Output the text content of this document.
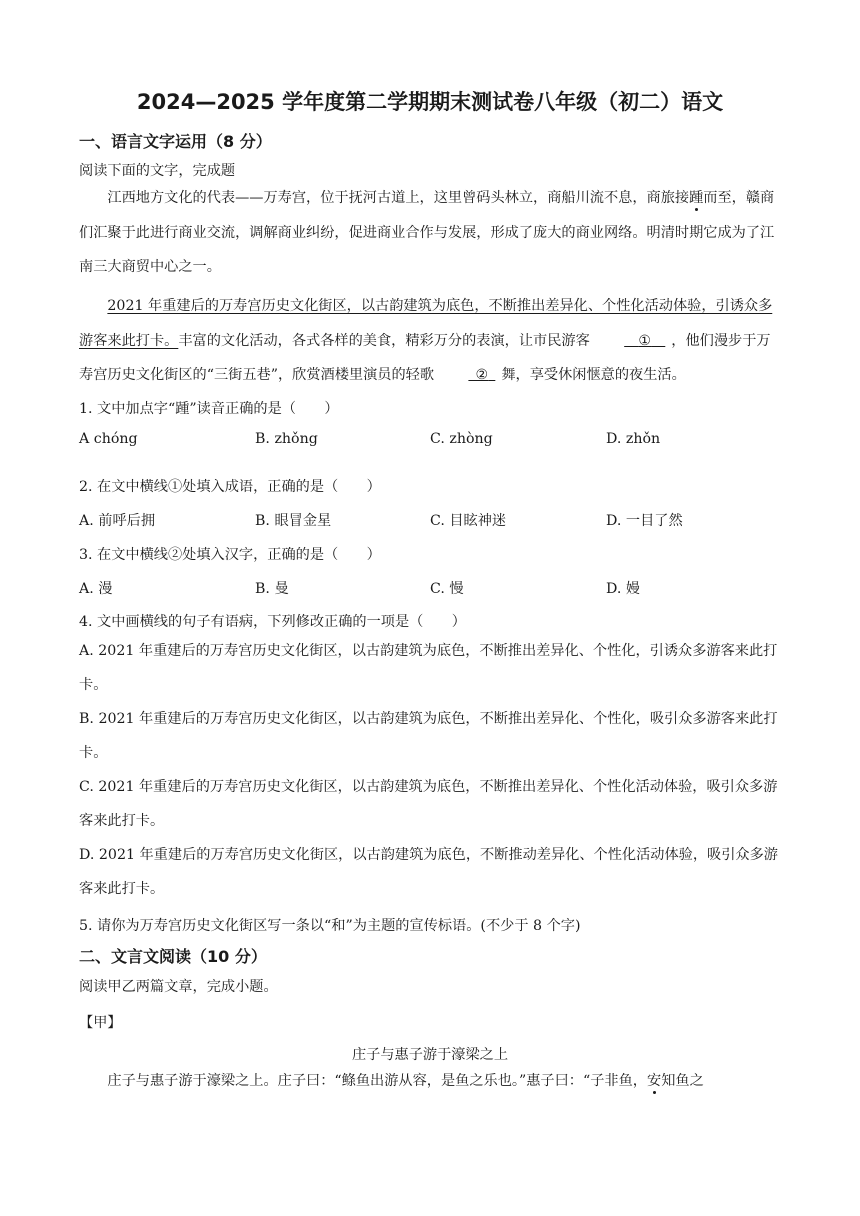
2024—2025 学年度第二学期期末测试卷八年级（初二）语文
一、语言文字运用（8 分）
阅读下面的文字，完成题

江西地方文化的代表——万寿宫，位于抚河古道上，这里曾码头林立，商船川流不息，商旅接踵而至，赣商们汇聚于此进行商业交流，调解商业纠纷，促进商业合作与发展，形成了庞大的商业网络。明清时期它成为了江南三大商贸中心之一。

2021 年重建后的万寿宫历史文化街区，以古韵建筑为底色，不断推出差异化、个性化活动体验，引诱众多游客来此打卡。丰富的文化活动，各式各样的美食，精彩万分的表演，让市民游客 	①  ，他们漫步于万寿宫历史文化街区的“三街五巷”，欣赏酒楼里演员的轻歌 	②  舞，享受休闲惬意的夜生活。

1. 文中加点字“踵”读音正确的是（　　）
A chóng	B. zhǒng	C. zhòng	D. zhǒn
2. 在文中横线①处填入成语，正确的是（　　）
A. 前呼后拥	B. 眼冒金星	C. 目眩神迷	D. 一目了然
3. 在文中横线②处填入汉字，正确的是（　　）
A. 漫	B. 曼	C. 慢	D. 嫚
4. 文中画横线的句子有语病，下列修改正确的一项是（　　）

A. 2021 年重建后的万寿宫历史文化街区，以古韵建筑为底色，不断推出差异化、个性化，引诱众多游客来此打卡。

B. 2021 年重建后的万寿宫历史文化街区，以古韵建筑为底色，不断推出差异化、个性化，吸引众多游客来此打卡。

C. 2021 年重建后的万寿宫历史文化街区，以古韵建筑为底色，不断推出差异化、个性化活动体验，吸引众多游客来此打卡。

D. 2021 年重建后的万寿宫历史文化街区，以古韵建筑为底色，不断推动差异化、个性化活动体验，吸引众多游客来此打卡。

5. 请你为万寿宫历史文化街区写一条以“和”为主题的宣传标语。(不少于 8 个字)
二、文言文阅读（10 分）
阅读甲乙两篇文章，完成小题。
【甲】
庄子与惠子游于濠梁之上

庄子与惠子游于濠梁之上。庄子曰：“鲦鱼出游从容，是鱼之乐也。”惠子曰：“子非鱼，安知鱼之
